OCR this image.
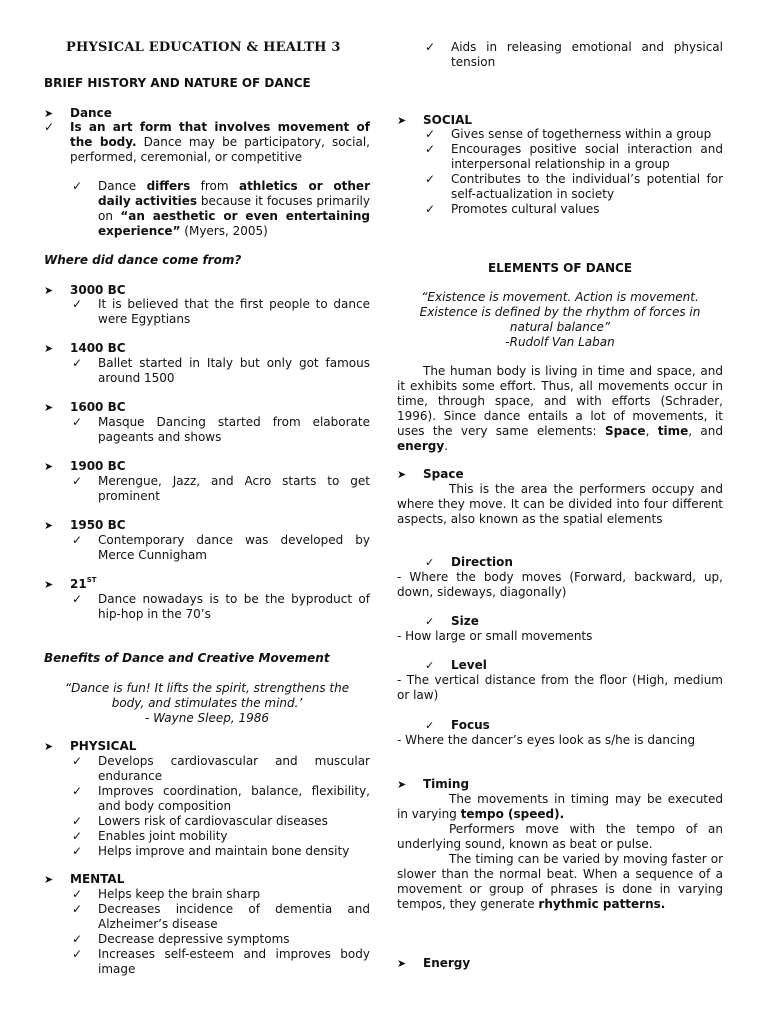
PHYSICAL EDUCATION & HEALTH 3
BRIEF HISTORY AND NATURE OF DANCE
➤ Dance
✓	Is an art form that involves movement of the body. Dance may be participatory, social, performed, ceremonial, or competitive
✓	Dance differs from athletics or other daily activities because it focuses primarily on “an aesthetic or even entertaining experience” (Myers, 2005)
Where did dance come from?
➤ 3000 BC
✓	It is believed that the first people to dance were Egyptians
➤ 1400 BC
✓	Ballet started in Italy but only got famous around 1500
➤ 1600 BC
✓	Masque Dancing started from elaborate pageants and shows
➤ 1900 BC
✓	Merengue, Jazz, and Acro starts to get prominent
➤ 1950 BC
✓	Contemporary dance was developed by Merce Cunnigham
➤ 21ST
✓	Dance nowadays is to be the byproduct of hip-hop in the 70’s
Benefits of Dance and Creative Movement
“Dance is fun! It lifts the spirit, strengthens the
body, and stimulates the mind.’
- Wayne Sleep, 1986
➤ PHYSICAL
✓	Develops cardiovascular and muscular endurance
✓	Improves coordination, balance, flexibility, and body composition
✓	Lowers risk of cardiovascular diseases
✓	Enables joint mobility
✓	Helps improve and maintain bone density
➤ MENTAL
✓	Helps keep the brain sharp
✓	Decreases incidence of dementia and Alzheimer’s disease
✓	Decrease depressive symptoms
✓	Increases self-esteem and improves body image
✓	Aids in releasing emotional and physical tension
➤ SOCIAL
✓	Gives sense of togetherness within a group
✓	Encourages positive social interaction and interpersonal relationship in a group
✓	Contributes to the individual’s potential for self-actualization in society
✓	Promotes cultural values
ELEMENTS OF DANCE
“Existence is movement. Action is movement.
Existence is defined by the rhythm of forces in
natural balance”
-Rudolf Van Laban
The human body is living in time and space, and it exhibits some effort. Thus, all movements occur in time, through space, and with efforts (Schrader, 1996). Since dance entails a lot of movements, it uses the very same elements: Space, time, and energy.
➤ Space
This is the area the performers occupy and where they move. It can be divided into four different aspects, also known as the spatial elements
✓ Direction
- Where the body moves (Forward, backward, up, down, sideways, diagonally)
✓ Size
- How large or small movements
✓ Level
- The vertical distance from the floor (High, medium or law)
✓ Focus
- Where the dancer’s eyes look as s/he is dancing
➤ Timing
The movements in timing may be executed in varying tempo (speed).
Performers move with the tempo of an underlying sound, known as beat or pulse.
The timing can be varied by moving faster or slower than the normal beat. When a sequence of a movement or group of phrases is done in varying tempos, they generate rhythmic patterns.
➤ Energy
